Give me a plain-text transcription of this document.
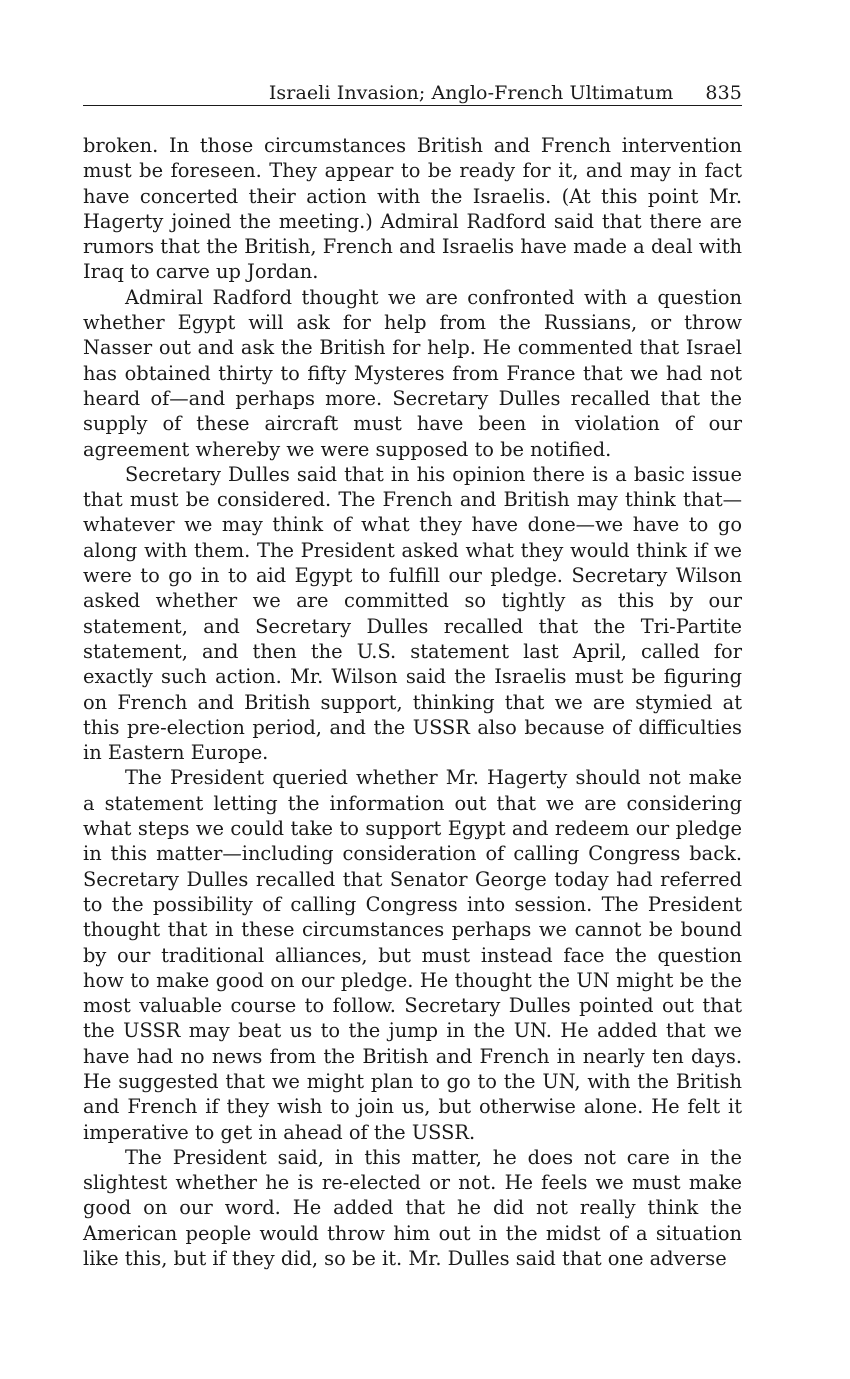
Israeli Invasion; Anglo-French Ultimatum 835

broken. In those circumstances British and French intervention must be foreseen. They appear to be ready for it, and may in fact have concerted their action with the Israelis. (At this point Mr. Hagerty joined the meeting.) Admiral Radford said that there are rumors that the British, French and Israelis have made a deal with Iraq to carve up Jordan.

Admiral Radford thought we are confronted with a question whether Egypt will ask for help from the Russians, or throw Nasser out and ask the British for help. He commented that Israel has obtained thirty to fifty Mysteres from France that we had not heard of—and perhaps more. Secretary Dulles recalled that the supply of these aircraft must have been in violation of our agreement whereby we were supposed to be notified.

Secretary Dulles said that in his opinion there is a basic issue that must be considered. The French and British may think that—whatever we may think of what they have done—we have to go along with them. The President asked what they would think if we were to go in to aid Egypt to fulfill our pledge. Secretary Wilson asked whether we are committed so tightly as this by our statement, and Secretary Dulles recalled that the Tri-Partite statement, and then the U.S. statement last April, called for exactly such action. Mr. Wilson said the Israelis must be figuring on French and British support, thinking that we are stymied at this pre-election period, and the USSR also because of difficulties in Eastern Europe.

The President queried whether Mr. Hagerty should not make a statement letting the information out that we are considering what steps we could take to support Egypt and redeem our pledge in this matter—including consideration of calling Congress back. Secretary Dulles recalled that Senator George today had referred to the possibility of calling Congress into session. The President thought that in these circumstances perhaps we cannot be bound by our traditional alliances, but must instead face the question how to make good on our pledge. He thought the UN might be the most valuable course to follow. Secretary Dulles pointed out that the USSR may beat us to the jump in the UN. He added that we have had no news from the British and French in nearly ten days. He suggested that we might plan to go to the UN, with the British and French if they wish to join us, but otherwise alone. He felt it imperative to get in ahead of the USSR.

The President said, in this matter, he does not care in the slightest whether he is re-elected or not. He feels we must make good on our word. He added that he did not really think the American people would throw him out in the midst of a situation like this, but if they did, so be it. Mr. Dulles said that one adverse
